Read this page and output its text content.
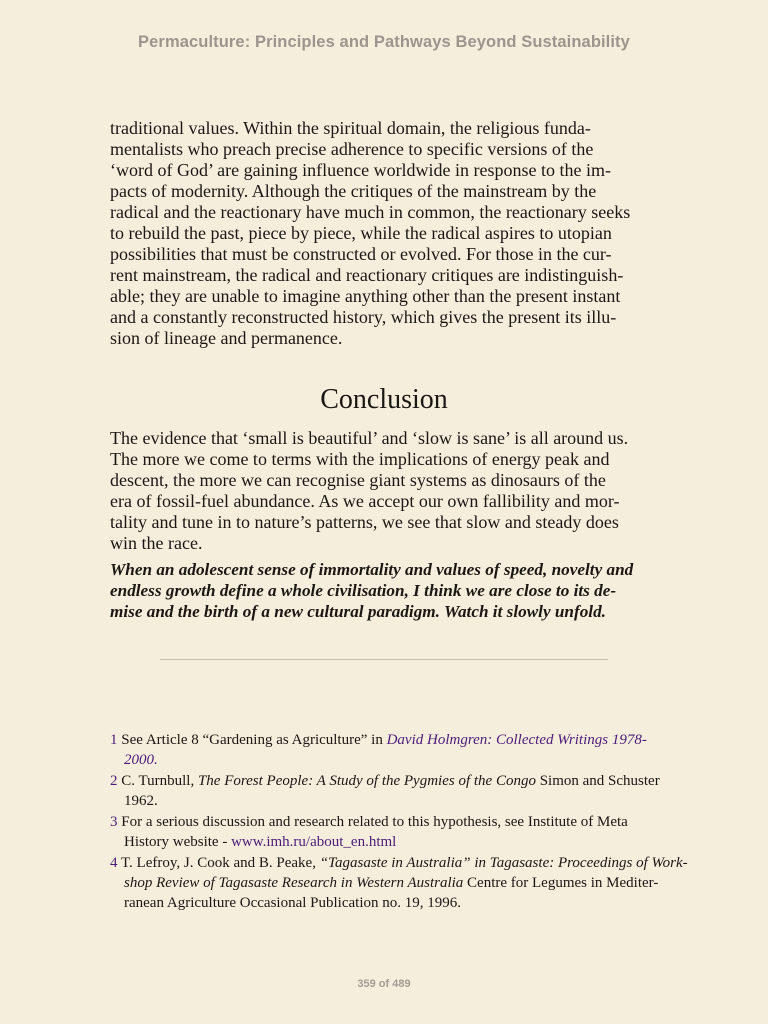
Permaculture: Principles and Pathways Beyond Sustainability
traditional values. Within the spiritual domain, the religious funda-
mentalists who preach precise adherence to specific versions of the
‘word of God’ are gaining influence worldwide in response to the im-
pacts of modernity. Although the critiques of the mainstream by the
radical and the reactionary have much in common, the reactionary seeks
to rebuild the past, piece by piece, while the radical aspires to utopian
possibilities that must be constructed or evolved. For those in the cur-
rent mainstream, the radical and reactionary critiques are indistinguish-
able; they are unable to imagine anything other than the present instant
and a constantly reconstructed history, which gives the present its illu-
sion of lineage and permanence.
Conclusion
The evidence that ‘small is beautiful’ and ‘slow is sane’ is all around us.
The more we come to terms with the implications of energy peak and
descent, the more we can recognise giant systems as dinosaurs of the
era of fossil-fuel abundance. As we accept our own fallibility and mor-
tality and tune in to nature’s patterns, we see that slow and steady does
win the race.
When an adolescent sense of immortality and values of speed, novelty and
endless growth define a whole civilisation, I think we are close to its de-
mise and the birth of a new cultural paradigm. Watch it slowly unfold.
1 See Article 8 “Gardening as Agriculture” in David Holmgren: Collected Writings 1978-
2000.
2 C. Turnbull, The Forest People: A Study of the Pygmies of the Congo Simon and Schuster
1962.
3 For a serious discussion and research related to this hypothesis, see Institute of Meta
History website - www.imh.ru/about_en.html
4 T. Lefroy, J. Cook and B. Peake, “Tagasaste in Australia” in Tagasaste: Proceedings of Work-
shop Review of Tagasaste Research in Western Australia Centre for Legumes in Mediter-
ranean Agriculture Occasional Publication no. 19, 1996.
359 of 489
